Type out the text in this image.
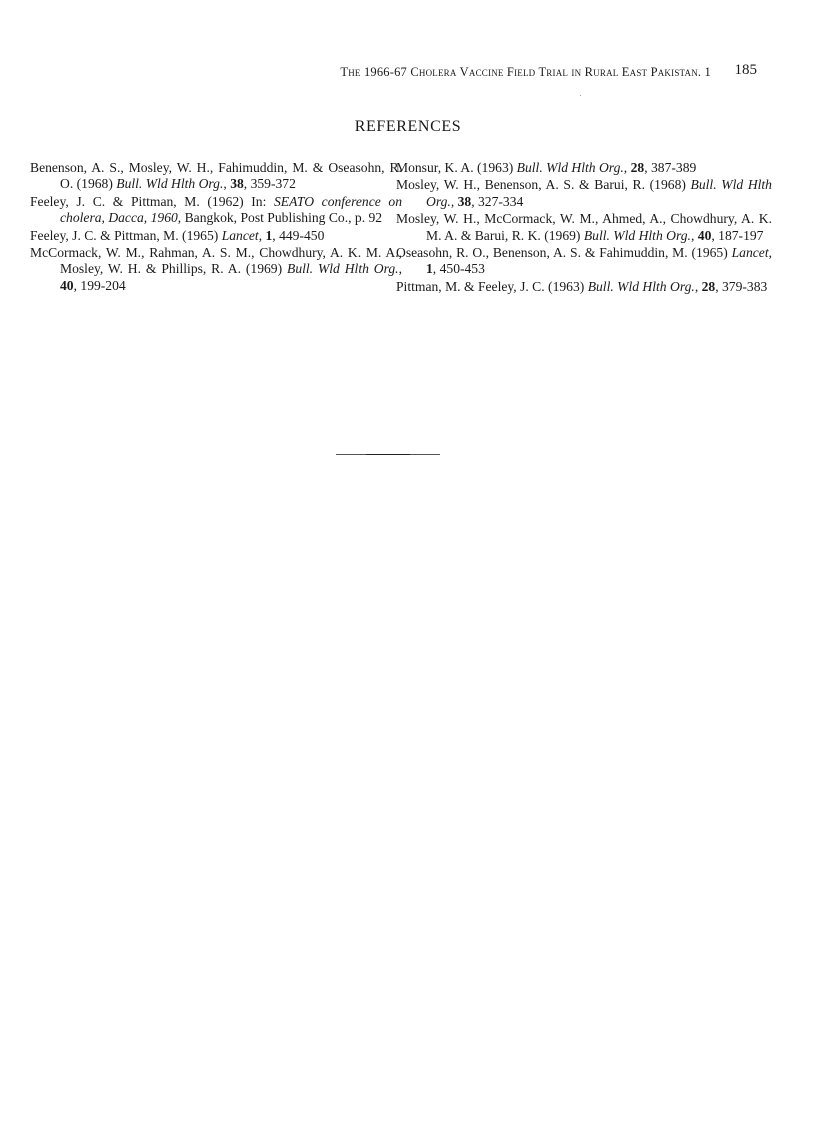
The 1966-67 Cholera Vaccine Field Trial in Rural East Pakistan. 1 185
REFERENCES

Benenson, A. S., Mosley, W. H., Fahimuddin, M. & Oseasohn, R. O. (1968) Bull. Wld Hlth Org., 38, 359-372

Feeley, J. C. & Pittman, M. (1962) In: SEATO conference on cholera, Dacca, 1960, Bangkok, Post Publishing Co., p. 92

Feeley, J. C. & Pittman, M. (1965) Lancet, 1, 449-450

McCormack, W. M., Rahman, A. S. M., Chowdhury, A. K. M. A., Mosley, W. H. & Phillips, R. A. (1969) Bull. Wld Hlth Org., 40, 199-204

Monsur, K. A. (1963) Bull. Wld Hlth Org., 28, 387-389

Mosley, W. H., Benenson, A. S. & Barui, R. (1968) Bull. Wld Hlth Org., 38, 327-334

Mosley, W. H., McCormack, W. M., Ahmed, A., Chowdhury, A. K. M. A. & Barui, R. K. (1969) Bull. Wld Hlth Org., 40, 187-197

Oseasohn, R. O., Benenson, A. S. & Fahimuddin, M. (1965) Lancet, 1, 450-453

Pittman, M. & Feeley, J. C. (1963) Bull. Wld Hlth Org., 28, 379-383
